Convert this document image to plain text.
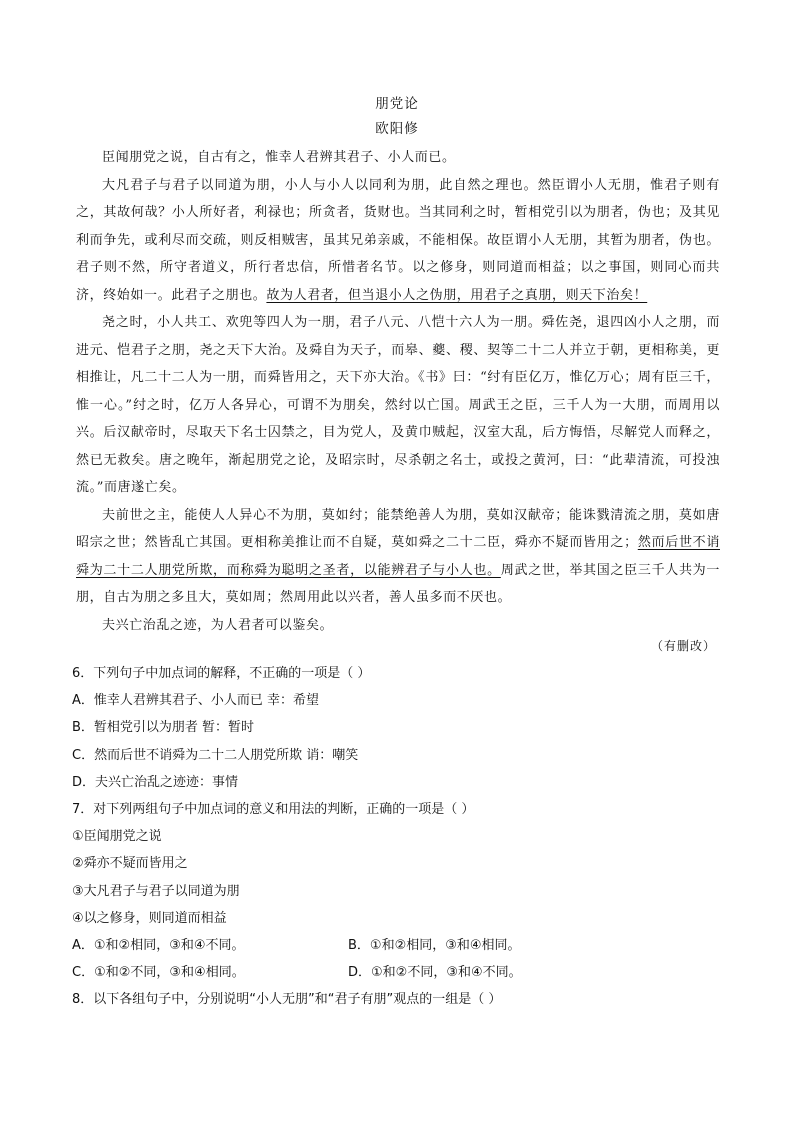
朋党论
欧阳修

臣闻朋党之说，自古有之，惟幸人君辨其君子、小人而已。

大凡君子与君子以同道为朋，小人与小人以同利为朋，此自然之理也。然臣谓小人无朋，惟君子则有之，其故何哉？小人所好者，利禄也；所贪者，货财也。当其同利之时，暂相党引以为朋者，伪也；及其见利而争先，或利尽而交疏，则反相贼害，虽其兄弟亲戚，不能相保。故臣谓小人无朋，其暂为朋者，伪也。君子则不然，所守者道义，所行者忠信，所惜者名节。以之修身，则同道而相益；以之事国，则同心而共济，终始如一。此君子之朋也。故为人君者，但当退小人之伪朋，用君子之真朋，则天下治矣！

尧之时，小人共工、欢兜等四人为一朋，君子八元、八恺十六人为一朋。舜佐尧，退四凶小人之朋，而进元、恺君子之朋，尧之天下大治。及舜自为天子，而皋、夔、稷、契等二十二人并立于朝，更相称美，更相推让，凡二十二人为一朋，而舜皆用之，天下亦大治。《书》曰：“纣有臣亿万，惟亿万心；周有臣三千，惟一心。”纣之时，亿万人各异心，可谓不为朋矣，然纣以亡国。周武王之臣，三千人为一大朋，而周用以兴。后汉献帝时，尽取天下名士囚禁之，目为党人，及黄巾贼起，汉室大乱，后方悔悟，尽解党人而释之，然已无救矣。唐之晚年，渐起朋党之论，及昭宗时，尽杀朝之名士，或投之黄河，曰：“此辈清流，可投浊流。”而唐遂亡矣。

夫前世之主，能使人人异心不为朋，莫如纣；能禁绝善人为朋，莫如汉献帝；能诛戮清流之朋，莫如唐昭宗之世；然皆乱亡其国。更相称美推让而不自疑，莫如舜之二十二臣，舜亦不疑而皆用之；然而后世不诮舜为二十二人朋党所欺，而称舜为聪明之圣者，以能辨君子与小人也。周武之世，举其国之臣三千人共为一朋，自古为朋之多且大，莫如周；然周用此以兴者，善人虽多而不厌也。

夫兴亡治乱之迹，为人君者可以鉴矣。

（有删改）
6．下列句子中加点词的解释，不正确的一项是（ ）
A．惟幸人君辨其君子、小人而已 幸：希望
B．暂相党引以为朋者 暂：暂时
C．然而后世不诮舜为二十二人朋党所欺 诮：嘲笑
D．夫兴亡治乱之迹迹：事情
7．对下列两组句子中加点词的意义和用法的判断，正确的一项是（ ）
①臣闻朋党之说
②舜亦不疑而皆用之
③大凡君子与君子以同道为朋
④以之修身，则同道而相益
A．①和②相同，③和④不同。	B．①和②相同，③和④相同。
C．①和②不同，③和④相同。	D．①和②不同，③和④不同。
8．以下各组句子中，分别说明“小人无朋”和“君子有朋”观点的一组是（ ）
